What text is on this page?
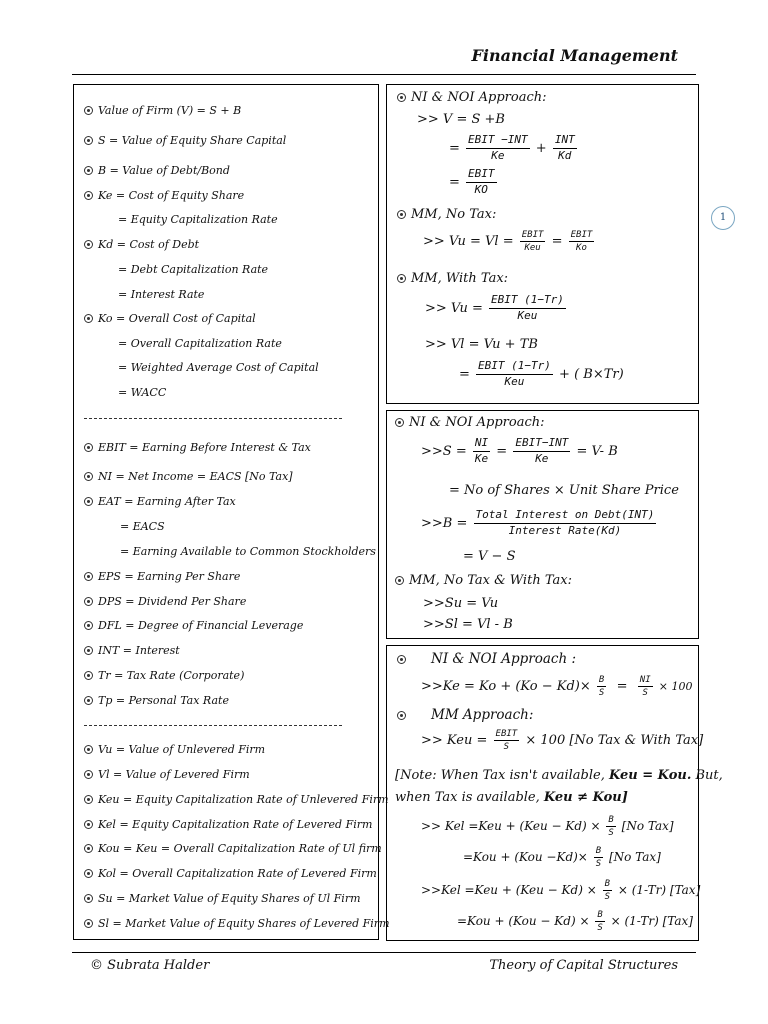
Financial Management
1
Value of Firm (V) = S + B
S = Value of Equity Share Capital
B = Value of Debt/Bond
Ke = Cost of Equity Share
= Equity Capitalization Rate
Kd = Cost of Debt
= Debt Capitalization Rate
= Interest Rate
Ko = Overall Cost of Capital
= Overall Capitalization Rate
= Weighted Average Cost of Capital
= WACC
EBIT = Earning Before Interest & Tax
NI = Net Income = EACS [No Tax]
EAT = Earning After Tax
= EACS
= Earning Available to Common Stockholders
EPS = Earning Per Share
DPS = Dividend Per Share
DFL = Degree of Financial Leverage
INT = Interest
Tr = Tax Rate (Corporate)
Tp = Personal Tax Rate
Vu = Value of Unlevered Firm
Vl = Value of Levered Firm
Keu = Equity Capitalization Rate of Unlevered Firm
Kel = Equity Capitalization Rate of Levered Firm
Kou = Keu = Overall Capitalization Rate of Ul firm
Kol = Overall Capitalization Rate of Levered Firm
Su = Market Value of Equity Shares of Ul Firm
Sl = Market Value of Equity Shares of Levered Firm
NI & NOI Approach:
>> V = S +B
=
EBIT −INT
Ke	+
INT
Kd
=
EBIT
KO
MM, No Tax:
>> Vu = Vl = EBIT
Keu = EBIT
Ko
MM, With Tax:
>> Vu =
EBIT (1−Tr)
Keu
>> Vl = Vu + TB
=
EBIT (1−Tr)
Keu	+ ( B×Tr)
NI & NOI Approach:
$>>S = \frac{NI}{Ke}$ =
EBIT−INT
Ke	= V- B
= No of Shares × Unit Share Price
>>B =
Total Interest on Debt(INT)
Interest Rate(Kd)
= V − S
MM, No Tax & With Tax:
>>Su = Vu
>>Sl = Vl - B
NI & NOI Approach :
$>>Ke = Ko + (Ko - Kd)\times \frac{B}{S} = \frac{NI}{S} \times 100$
MM Approach:
>> Keu = EBIT
S	× 100 [No Tax & With Tax]
[Note: When Tax isn't available, Keu = Kou. But,
when Tax is available, Keu ≠ Kou]
>> Kel $=Keu + (Keu - Kd) \times \frac{B}{S} [No$ Tax]
$=Kou + (Kou -Kd)\times \frac{B}{S} [No$ Tax]
$>>Kel =Keu + (Keu - Kd) \times \frac{B}{S} \times (1-Tr)$ [Tax]
$=Kou + (Kou - Kd) \times \frac{B}{S} \times (1-Tr)$ [Tax]
© Subrata Halder	Theory of Capital Structures
